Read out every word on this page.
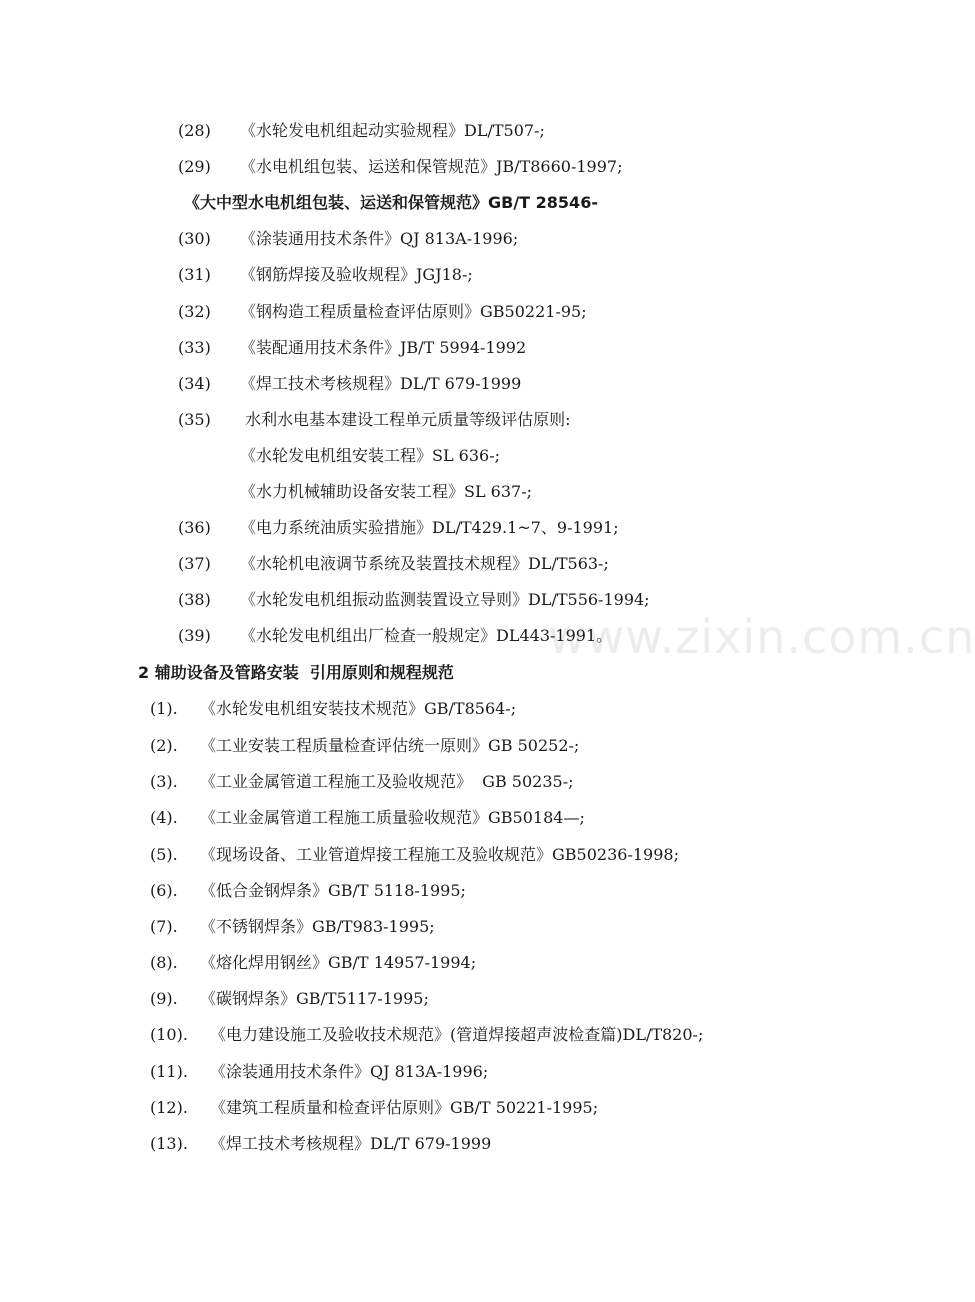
(28) 《水轮发电机组起动实验规程》DL/T507-;
(29) 《水电机组包装、运送和保管规范》JB/T8660-1997;
《大中型水电机组包装、运送和保管规范》GB/T 28546-
(30) 《涂装通用技术条件》QJ 813A-1996;
(31) 《钢筋焊接及验收规程》JGJ18-;
(32) 《钢构造工程质量检查评估原则》GB50221-95;
(33) 《装配通用技术条件》JB/T 5994-1992
(34) 《焊工技术考核规程》DL/T 679-1999
(35) 水利水电基本建设工程单元质量等级评估原则:
《水轮发电机组安装工程》SL 636-;
《水力机械辅助设备安装工程》SL 637-;
(36) 《电力系统油质实验措施》DL/T429.1~7、9-1991;
(37) 《水轮机电液调节系统及装置技术规程》DL/T563-;
(38) 《水轮发电机组振动监测装置设立导则》DL/T556-1994;
(39) 《水轮发电机组出厂检查一般规定》DL443-1991。
www.zixin.com.cn
2 辅助设备及管路安装  引用原则和规程规范
(1). 《水轮发电机组安装技术规范》GB/T8564-;
(2). 《工业安装工程质量检查评估统一原则》GB 50252-;
(3). 《工业金属管道工程施工及验收规范》  GB 50235-;
(4). 《工业金属管道工程施工质量验收规范》GB50184—;
(5). 《现场设备、工业管道焊接工程施工及验收规范》GB50236-1998;
(6). 《低合金钢焊条》GB/T 5118-1995;
(7). 《不锈钢焊条》GB/T983-1995;
(8). 《熔化焊用钢丝》GB/T 14957-1994;
(9). 《碳钢焊条》GB/T5117-1995;
(10). 《电力建设施工及验收技术规范》(管道焊接超声波检查篇)DL/T820-;
(11). 《涂装通用技术条件》QJ 813A-1996;
(12). 《建筑工程质量和检查评估原则》GB/T 50221-1995;
(13). 《焊工技术考核规程》DL/T 679-1999
